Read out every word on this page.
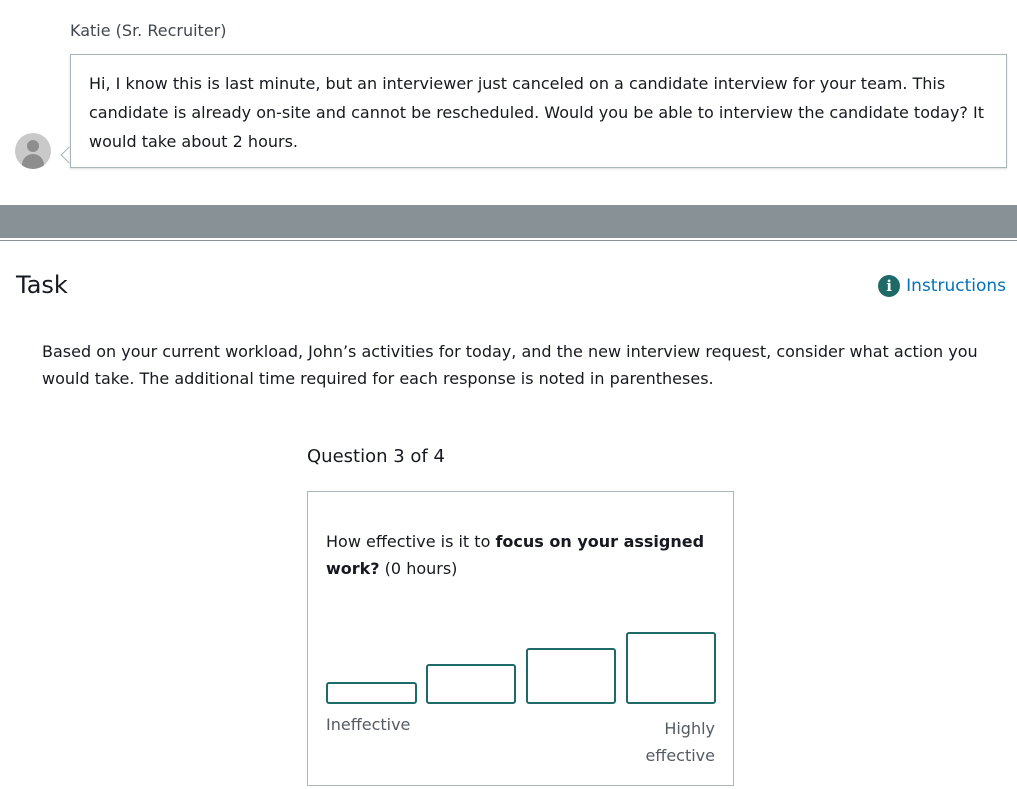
Katie (Sr. Recruiter)
Hi, I know this is last minute, but an interviewer just canceled on a candidate interview for your team. This candidate is already on-site and cannot be rescheduled. Would you be able to interview the candidate today? It would take about 2 hours.
Task	i Instructions
Based on your current workload, John’s activities for today, and the new interview request, consider what action you would take. The additional time required for each response is noted in parentheses.
Question 3 of 4
How effective is it to focus on your assigned work? (0 hours)
Ineffective	Highly effective
